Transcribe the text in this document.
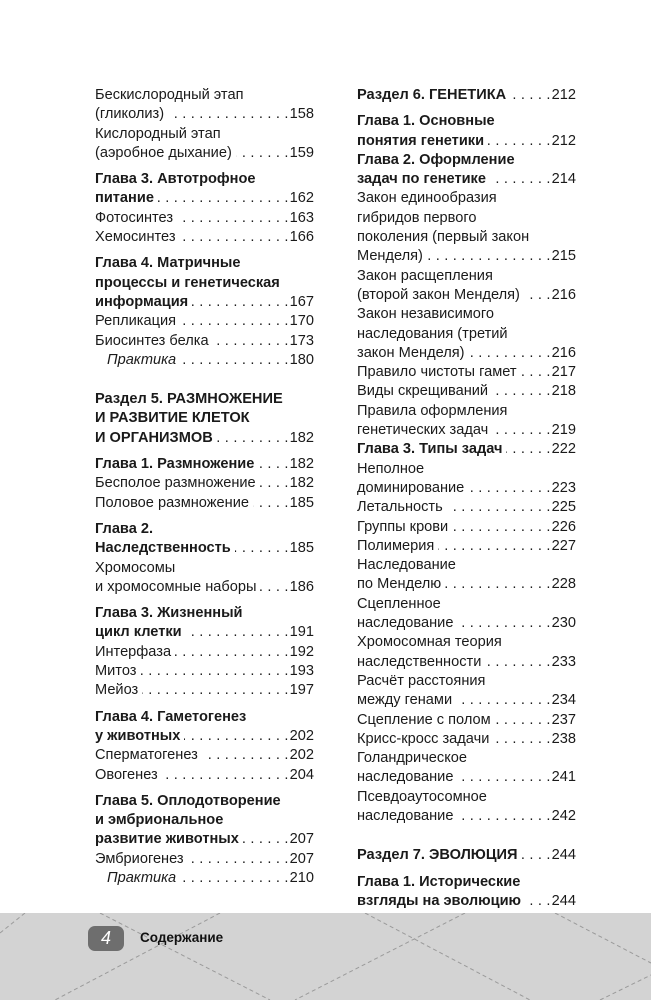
Бескислородный этап
(гликолиз) . . .	158
Кислородный этап
(аэробное дыхание) . . .	159
Глава 3. Автотрофное
питание . . .	162
Фотосинтез . . .	163
Хемосинтез . . .	166
Глава 4. Матричные
процессы и генетическая
информация . . .	167
Репликация . . .	170
Биосинтез белка . . .	173
Практика . . .	180
Раздел 5. РАЗМНОЖЕНИЕ
И РАЗВИТИЕ КЛЕТОК
И ОРГАНИЗМОВ . . .	182
Глава 1. Размножение . . . 182
Бесполое размножение . . . 182
Половое размножение . . .	185
Глава 2.
Наследственность . . .	185
Хромосомы
и хромосомные наборы . . . 186
Глава 3. Жизненный
цикл клетки . . .	191
Интерфаза . . .	192
Митоз . . .	193
Мейоз . . .	197
Глава 4. Гаметогенез
у животных . . .	202
Сперматогенез . . .	202
Овогенез . . .	204
Глава 5. Оплодотворение
и эмбриональное
развитие животных . . .	207
Эмбриогенез . . .	207
Практика . . .	210
Раздел 6. ГЕНЕТИКА . . .	212
Глава 1. Основные
понятия генетики . . .	212
Глава 2. Оформление
задач по генетике . . .	214
Закон единообразия
гибридов первого
поколения (первый закон
Менделя) . . .	215
Закон расщепления
(второй закон Менделя) . . . 216
Закон независимого
наследования (третий
закон Менделя) . . .	216
Правило чистоты гамет . . . 217
Виды скрещиваний . . .	218
Правила оформления
генетических задач . . .	219
Глава 3. Типы задач . . .	222
Неполное
доминирование . . .	223
Летальность . . .	225
Группы крови . . .	226
Полимерия . . .	227
Наследование
по Менделю . . .	228
Сцепленное
наследование . . .	230
Хромосомная теория
наследственности . . .	233
Расчёт расстояния
между генами . . .	234
Сцепление с полом . . .	237
Крисс-кросс задачи . . .	238
Голандрическое
наследование . . .	241
Псевдоаутосомное
наследование . . .	242
Раздел 7. ЭВОЛЮЦИЯ . . . 244
Глава 1. Исторические
взгляды на эволюцию . . . 244
4	Содержание
